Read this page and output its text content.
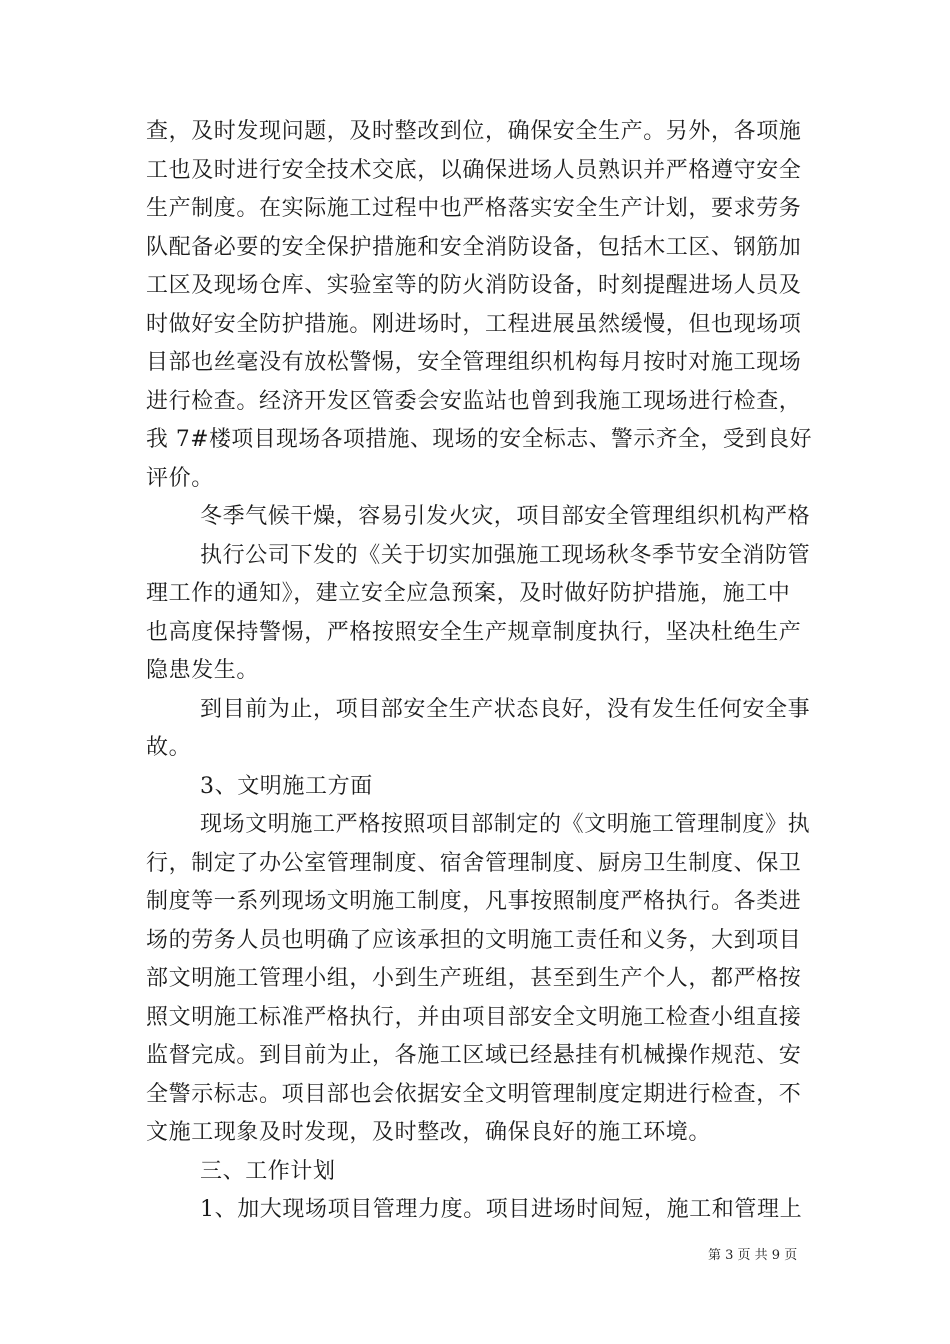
查，及时发现问题，及时整改到位，确保安全生产。另外，各项施
工也及时进行安全技术交底，以确保进场人员熟识并严格遵守安全
生产制度。在实际施工过程中也严格落实安全生产计划，要求劳务
队配备必要的安全保护措施和安全消防设备，包括木工区、钢筋加
工区及现场仓库、实验室等的防火消防设备，时刻提醒进场人员及
时做好安全防护措施。刚进场时，工程进展虽然缓慢，但也现场项
目部也丝毫没有放松警惕，安全管理组织机构每月按时对施工现场
进行检查。经济开发区管委会安监站也曾到我施工现场进行检查，
我 7#楼项目现场各项措施、现场的安全标志、警示齐全，受到良好
评价。
冬季气候干燥，容易引发火灾，项目部安全管理组织机构严格
执行公司下发的《关于切实加强施工现场秋冬季节安全消防管
理工作的通知》，建立安全应急预案，及时做好防护措施，施工中
也高度保持警惕，严格按照安全生产规章制度执行，坚决杜绝生产
隐患发生。
到目前为止，项目部安全生产状态良好，没有发生任何安全事
故。
3、文明施工方面
现场文明施工严格按照项目部制定的《文明施工管理制度》执
行，制定了办公室管理制度、宿舍管理制度、厨房卫生制度、保卫
制度等一系列现场文明施工制度，凡事按照制度严格执行。各类进
场的劳务人员也明确了应该承担的文明施工责任和义务，大到项目
部文明施工管理小组，小到生产班组，甚至到生产个人，都严格按
照文明施工标准严格执行，并由项目部安全文明施工检查小组直接
监督完成。到目前为止，各施工区域已经悬挂有机械操作规范、安
全警示标志。项目部也会依据安全文明管理制度定期进行检查，不
文施工现象及时发现，及时整改，确保良好的施工环境。
三、工作计划
1、加大现场项目管理力度。项目进场时间短，施工和管理上
第 3 页 共 9 页
